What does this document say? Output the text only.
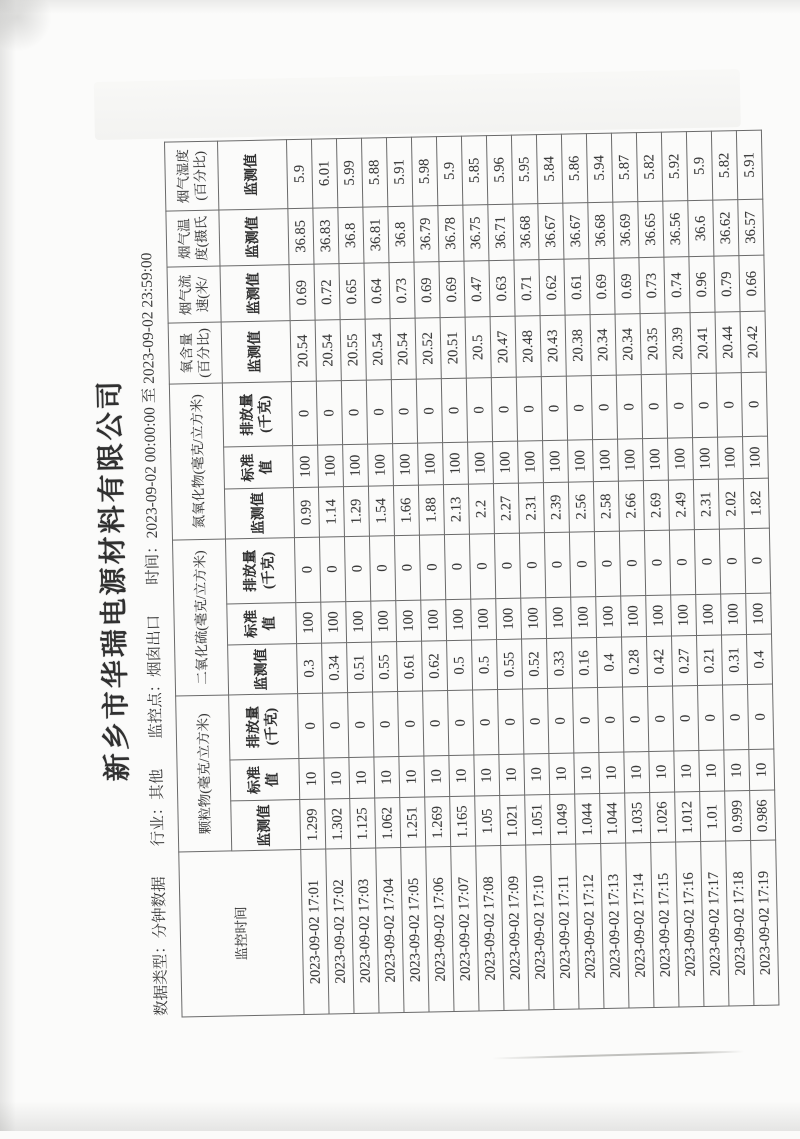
新乡市华瑞电源材料有限公司
数据类型：分钟数据
行业：其他
监控点：烟囱出口
时间：2023-09-02 00:00:00 至 2023-09-02 23:59:00
监控时间	颗粒物(毫克/立方米)			二氧化硫(毫克/立方米)			氮氧化物(毫克/立方米)			氧含量 (百分比)	烟气流 速(米/	烟气温 度(摄氏	烟气湿度 (百分比)

	监测值	标准值	排放量 (千克)	监测值	标准值	排放量 (千克)	监测值	标准值	排放量 (千克)	监测值	监测值	监测值	监测值
2023-09-02 17:01	1.299	10	0	0.3	100	0	0.99	100	0	20.54	0.69	36.85	5.9
2023-09-02 17:02	1.302	10	0	0.34	100	0	1.14	100	0	20.54	0.72	36.83	6.01
2023-09-02 17:03	1.125	10	0	0.51	100	0	1.29	100	0	20.55	0.65	36.8	5.99
2023-09-02 17:04	1.062	10	0	0.55	100	0	1.54	100	0	20.54	0.64	36.81	5.88
2023-09-02 17:05	1.251	10	0	0.61	100	0	1.66	100	0	20.54	0.73	36.8	5.91
2023-09-02 17:06	1.269	10	0	0.62	100	0	1.88	100	0	20.52	0.69	36.79	5.98
2023-09-02 17:07	1.165	10	0	0.5	100	0	2.13	100	0	20.51	0.69	36.78	5.9
2023-09-02 17:08	1.05	10	0	0.5	100	0	2.2	100	0	20.5	0.47	36.75	5.85
2023-09-02 17:09	1.021	10	0	0.55	100	0	2.27	100	0	20.47	0.63	36.71	5.96
2023-09-02 17:10	1.051	10	0	0.52	100	0	2.31	100	0	20.48	0.71	36.68	5.95
2023-09-02 17:11	1.049	10	0	0.33	100	0	2.39	100	0	20.43	0.62	36.67	5.84
2023-09-02 17:12	1.044	10	0	0.16	100	0	2.56	100	0	20.38	0.61	36.67	5.86
2023-09-02 17:13	1.044	10	0	0.4	100	0	2.58	100	0	20.34	0.69	36.68	5.94
2023-09-02 17:14	1.035	10	0	0.28	100	0	2.66	100	0	20.34	0.69	36.69	5.87
2023-09-02 17:15	1.026	10	0	0.42	100	0	2.69	100	0	20.35	0.73	36.65	5.82
2023-09-02 17:16	1.012	10	0	0.27	100	0	2.49	100	0	20.39	0.74	36.56	5.92
2023-09-02 17:17	1.01	10	0	0.21	100	0	2.31	100	0	20.41	0.96	36.6	5.9
2023-09-02 17:18	0.999	10	0	0.31	100	0	2.02	100	0	20.44	0.79	36.62	5.82
2023-09-02 17:19	0.986	10	0	0.4	100	0	1.82	100	0	20.42	0.66	36.57	5.91
